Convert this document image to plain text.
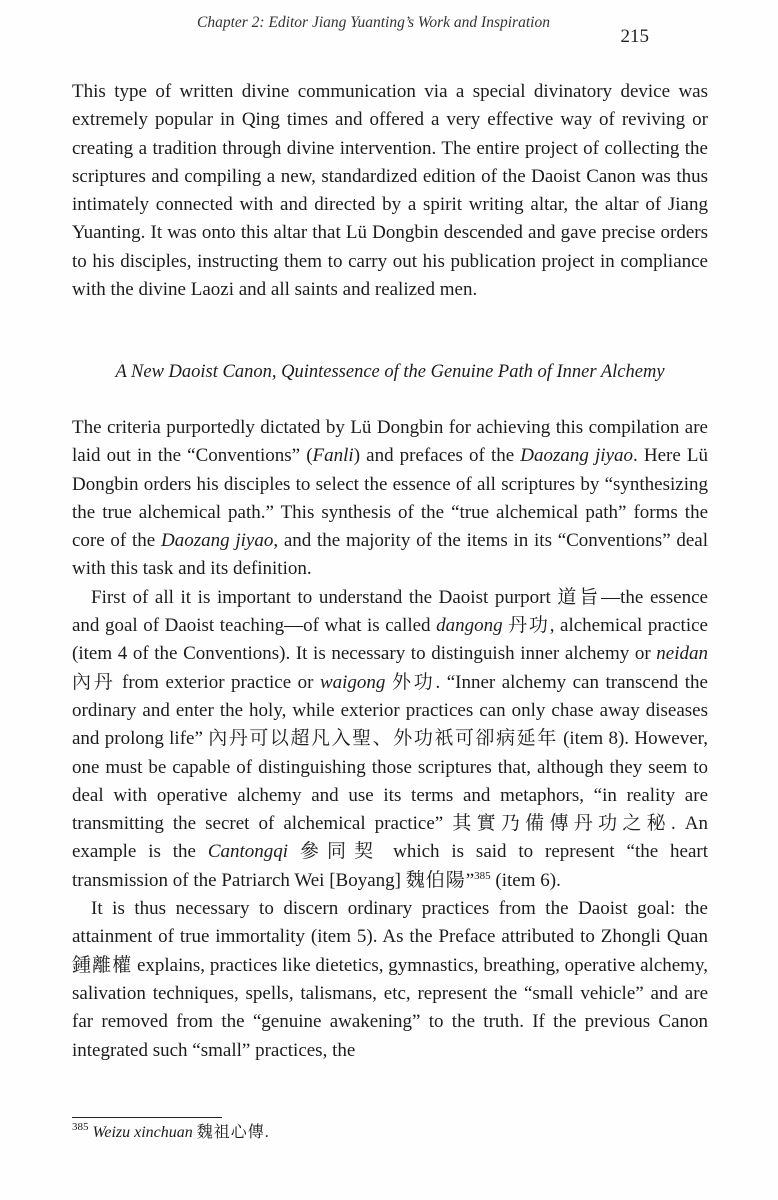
Chapter 2: Editor Jiang Yuanting’s Work and Inspiration
215

This type of written divine communication via a special divinatory device was extremely popular in Qing times and offered a very effective way of reviving or creating a tradition through divine intervention. The entire project of collecting the scriptures and compiling a new, standardized edition of the Daoist Canon was thus intimately connected with and directed by a spirit writing altar, the altar of Jiang Yuanting. It was onto this altar that Lü Dongbin descended and gave precise orders to his disciples, instructing them to carry out his publication project in compliance with the divine Laozi and all saints and realized men.

A New Daoist Canon, Quintessence of the Genuine Path of Inner Alchemy

The criteria purportedly dictated by Lü Dongbin for achieving this compilation are laid out in the “Conventions” (Fanli) and prefaces of the Daozang jiyao. Here Lü Dongbin orders his disciples to select the essence of all scriptures by “synthesizing the true alchemical path.” This synthesis of the “true alchemical path” forms the core of the Daozang jiyao, and the majority of the items in its “Conventions” deal with this task and its definition.

First of all it is important to understand the Daoist purport 道旨—the essence and goal of Daoist teaching—of what is called dangong 丹功, alchemical practice (item 4 of the Conventions). It is necessary to distinguish inner alchemy or neidan 內丹 from exterior practice or waigong 外功. “Inner alchemy can transcend the ordinary and enter the holy, while exterior practices can only chase away diseases and prolong life” 內丹可以超凡入聖、外功祇可卻病延年 (item 8). However, one must be capable of distinguishing those scriptures that, although they seem to deal with operative alchemy and use its terms and metaphors, “in reality are transmitting the secret of alchemical practice” 其實乃備傳丹功之秘. An example is the Cantongqi 參同契 which is said to represent “the heart transmission of the Patriarch Wei [Boyang] 魏伯陽”$^{385}$ (item 6).

It is thus necessary to discern ordinary practices from the Daoist goal: the attainment of true immortality (item 5). As the Preface attributed to Zhongli Quan 鍾離權 explains, practices like dietetics, gymnastics, breathing, operative alchemy, salivation techniques, spells, talismans, etc, represent the “small vehicle” and are far removed from the “genuine awakening” to the truth. If the previous Canon integrated such “small” practices, the

$^{385}$ Weizu xinchuan 魏祖心傳.
